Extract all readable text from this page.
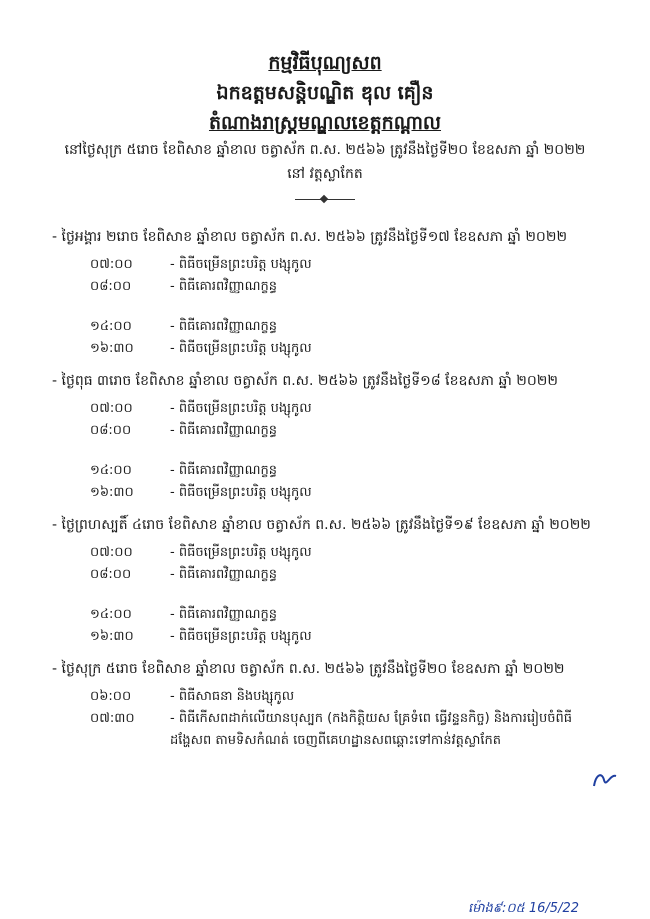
កម្មវិធីបុណ្យសព
ឯកឧត្តមសន្តិបណ្ឌិត ឌុល គឿន
តំណាងរាស្ត្រមណ្ឌលខេត្តកណ្ដាល
នៅថ្ងៃសុក្រ ៥រោច ខែពិសាខ ឆ្នាំខាល ចត្វាស័ក ព.ស. ២៥៦៦ ត្រូវនឹងថ្ងៃទី២០ ខែឧសភា ឆ្នាំ ២០២២
នៅ វត្តស្លាកែត
- ថ្ងៃអង្គារ ២រោច ខែពិសាខ ឆ្នាំខាល ចត្វាស័ក ព.ស. ២៥៦៦ ត្រូវនឹងថ្ងៃទី១៧ ខែឧសភា ឆ្នាំ ២០២២
០៧:០០	- ពិធីចម្រើនព្រះបរិត្ត បង្សុកូល
០៨:០០	- ពិធីគោរពវិញ្ញាណក្ខន្ធ
១៤:០០	- ពិធីគោរពវិញ្ញាណក្ខន្ធ
១៦:៣០	- ពិធីចម្រើនព្រះបរិត្ត បង្សុកូល
- ថ្ងៃពុធ ៣រោច ខែពិសាខ ឆ្នាំខាល ចត្វាស័ក ព.ស. ២៥៦៦ ត្រូវនឹងថ្ងៃទី១៨ ខែឧសភា ឆ្នាំ ២០២២
០៧:០០	- ពិធីចម្រើនព្រះបរិត្ត បង្សុកូល
០៨:០០	- ពិធីគោរពវិញ្ញាណក្ខន្ធ
១៤:០០	- ពិធីគោរពវិញ្ញាណក្ខន្ធ
១៦:៣០	- ពិធីចម្រើនព្រះបរិត្ត បង្សុកូល
- ថ្ងៃព្រហស្បតិ៍ ៤រោច ខែពិសាខ ឆ្នាំខាល ចត្វាស័ក ព.ស. ២៥៦៦ ត្រូវនឹងថ្ងៃទី១៩ ខែឧសភា ឆ្នាំ ២០២២
០៧:០០	- ពិធីចម្រើនព្រះបរិត្ត បង្សុកូល
០៨:០០	- ពិធីគោរពវិញ្ញាណក្ខន្ធ
១៤:០០	- ពិធីគោរពវិញ្ញាណក្ខន្ធ
១៦:៣០	- ពិធីចម្រើនព្រះបរិត្ត បង្សុកូល
- ថ្ងៃសុក្រ ៥រោច ខែពិសាខ ឆ្នាំខាល ចត្វាស័ក ព.ស. ២៥៦៦ ត្រូវនឹងថ្ងៃទី២០ ខែឧសភា ឆ្នាំ ២០២២
០៦:០០	- ពិធីសាធនា និងបង្សុកូល
០៧:៣០	- ពិធីកេីសពដាក់លើយានបុស្បក (កងកិត្តិយស គ្រែទំពេ ធ្វើវន្ទនកិច្ច) និងការរៀបចំពិធីដង្ហែសព តាមទិសកំណត់ ចេញពីគេហដ្ឋានសពឆ្ពោះទៅកាន់វត្តស្លាកែត
ម៉ោង៩:០៥ 16/5/22
